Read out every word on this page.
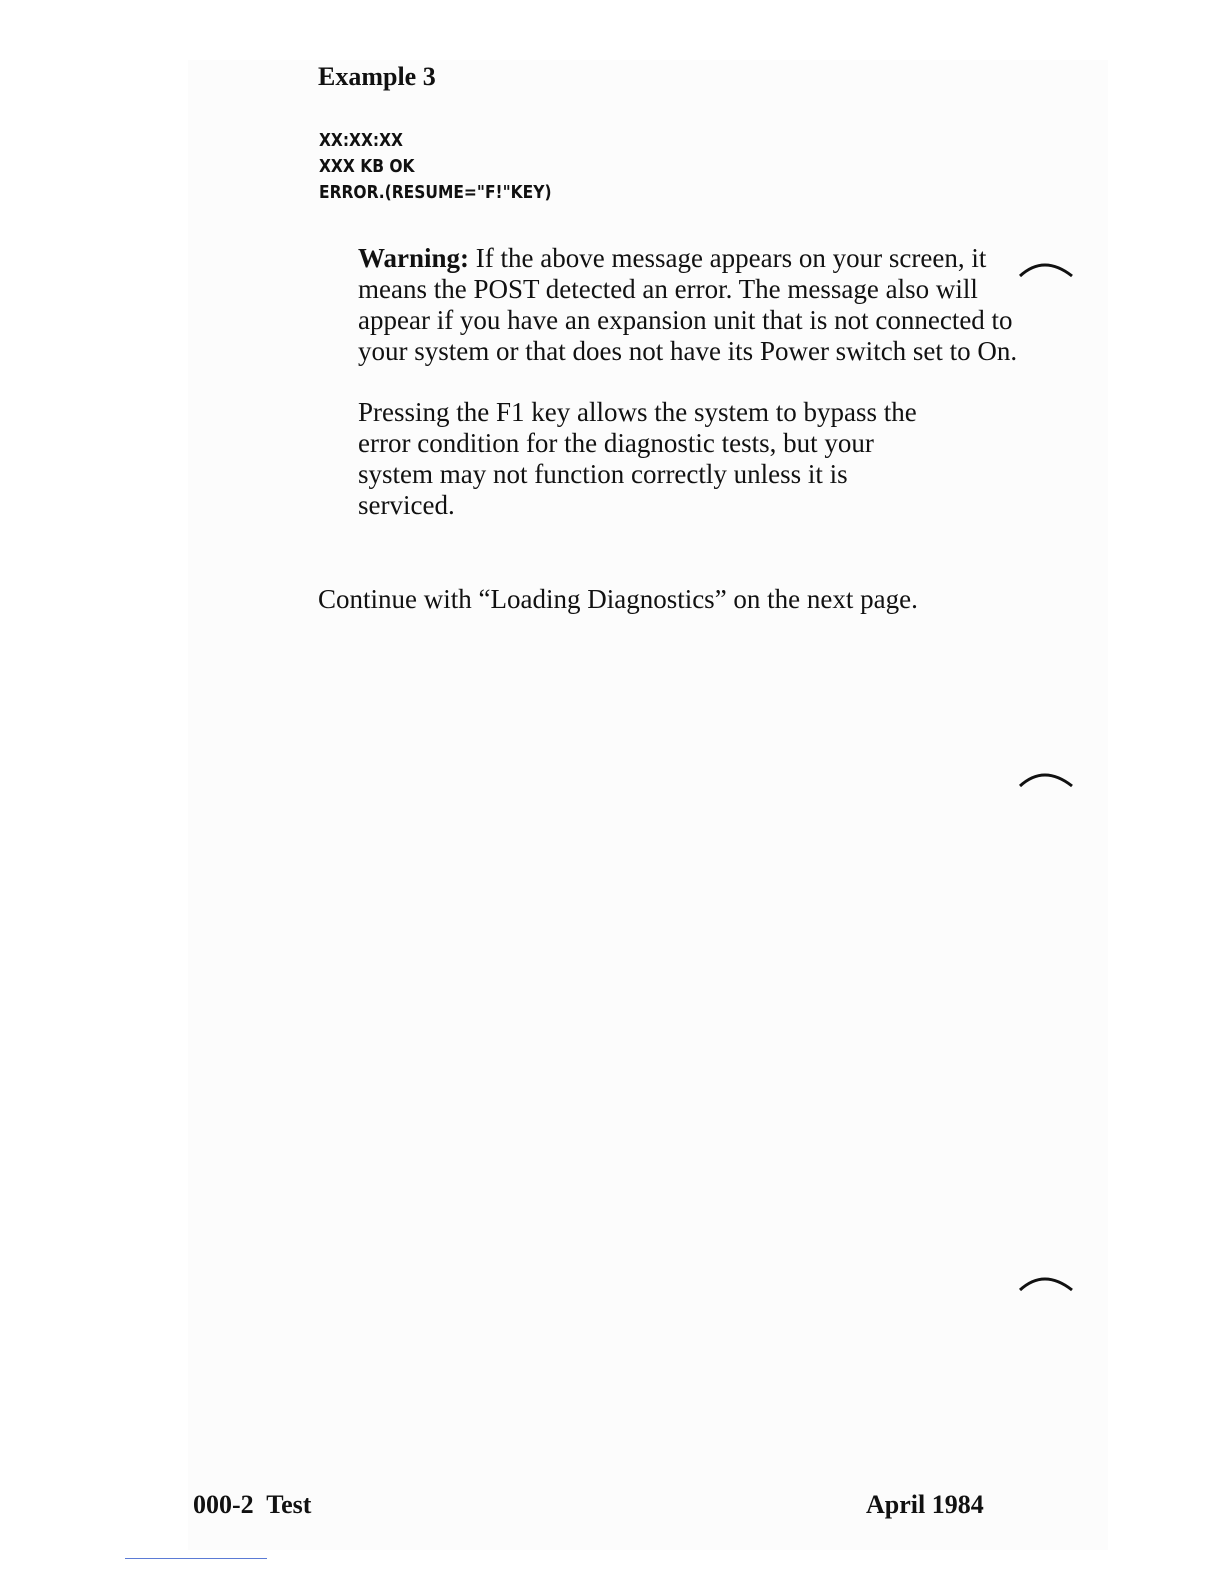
Example 3
XX:XX:XX
XXX KB OK
ERROR.(RESUME="F!"KEY)

Warning: If the above message appears on your screen, it means the POST detected an error. The message also will appear if you have an expansion unit that is not connected to your system or that does not have its Power switch set to On.

Pressing the F1 key allows the system to bypass the
error condition for the diagnostic tests, but your
system may not function correctly unless it is
serviced.

Continue with “Loading Diagnostics” on the next page.
000-2  Test	April 1984
